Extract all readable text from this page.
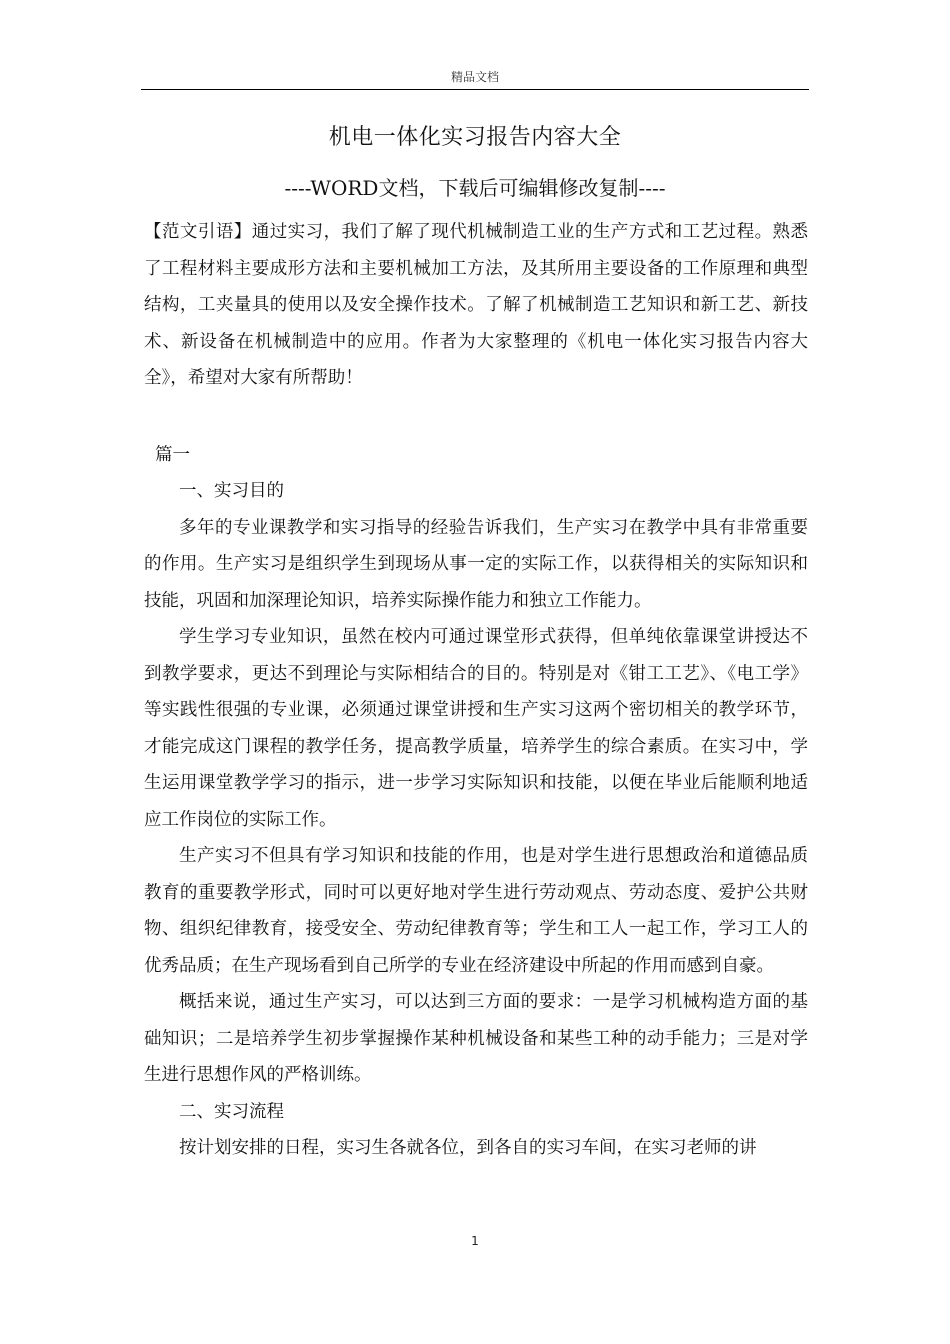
精品文档
机电一体化实习报告内容大全
----WORD文档，下载后可编辑修改复制----

【范文引语】通过实习，我们了解了现代机械制造工业的生产方式和工艺过程。熟悉了工程材料主要成形方法和主要机械加工方法，及其所用主要设备的工作原理和典型结构，工夹量具的使用以及安全操作技术。了解了机械制造工艺知识和新工艺、新技术、新设备在机械制造中的应用。作者为大家整理的《机电一体化实习报告内容大全》，希望对大家有所帮助！

篇一

一、实习目的

多年的专业课教学和实习指导的经验告诉我们，生产实习在教学中具有非常重要的作用。生产实习是组织学生到现场从事一定的实际工作，以获得相关的实际知识和技能，巩固和加深理论知识，培养实际操作能力和独立工作能力。

学生学习专业知识，虽然在校内可通过课堂形式获得，但单纯依靠课堂讲授达不到教学要求，更达不到理论与实际相结合的目的。特别是对《钳工工艺》、《电工学》等实践性很强的专业课，必须通过课堂讲授和生产实习这两个密切相关的教学环节，才能完成这门课程的教学任务，提高教学质量，培养学生的综合素质。在实习中，学生运用课堂教学学习的指示，进一步学习实际知识和技能，以便在毕业后能顺利地适应工作岗位的实际工作。

生产实习不但具有学习知识和技能的作用，也是对学生进行思想政治和道德品质教育的重要教学形式，同时可以更好地对学生进行劳动观点、劳动态度、爱护公共财物、组织纪律教育，接受安全、劳动纪律教育等；学生和工人一起工作，学习工人的优秀品质；在生产现场看到自己所学的专业在经济建设中所起的作用而感到自豪。

概括来说，通过生产实习，可以达到三方面的要求：一是学习机械构造方面的基础知识；二是培养学生初步掌握操作某种机械设备和某些工种的动手能力；三是对学生进行思想作风的严格训练。

二、实习流程

按计划安排的日程，实习生各就各位，到各自的实习车间，在实习老师的讲

1
